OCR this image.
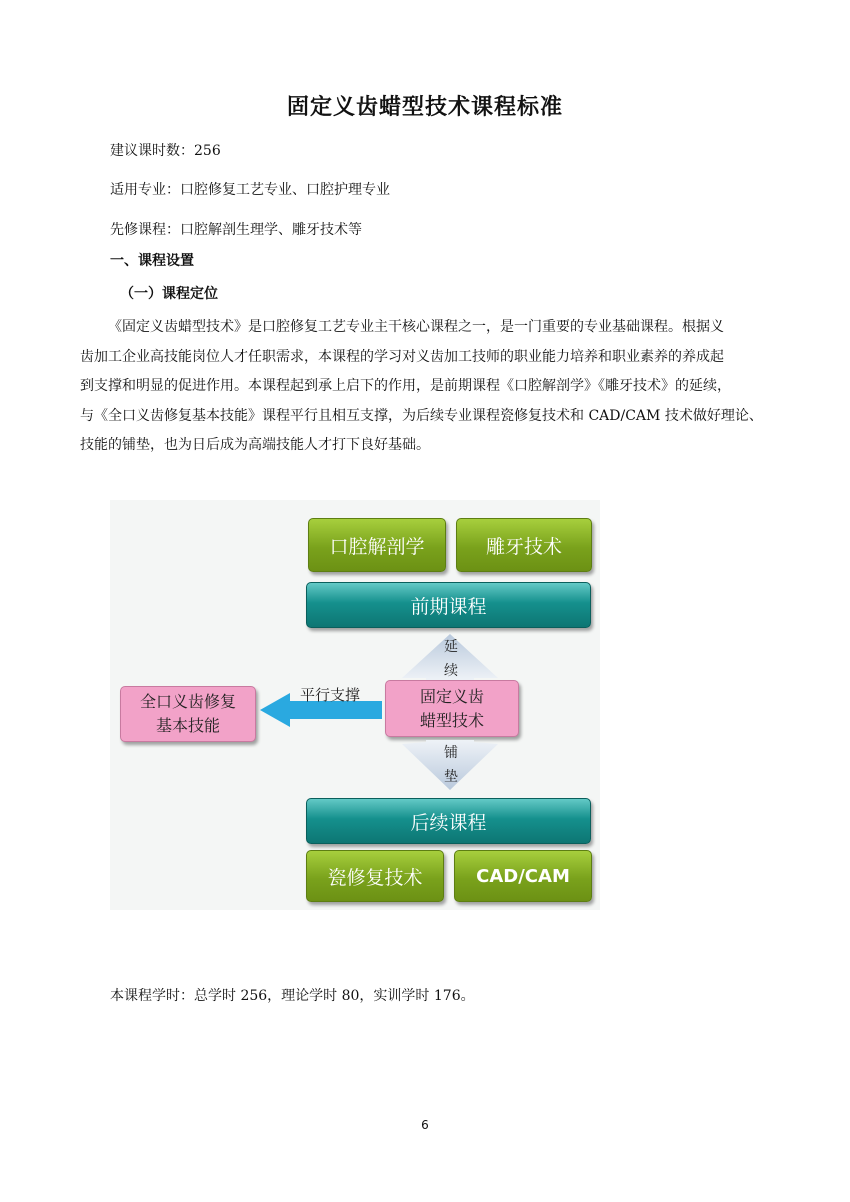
固定义齿蜡型技术课程标准
建议课时数：256
适用专业：口腔修复工艺专业、口腔护理专业
先修课程：口腔解剖生理学、雕牙技术等
一、课程设置
（一）课程定位
《固定义齿蜡型技术》是口腔修复工艺专业主干核心课程之一，是一门重要的专业基础课程。根据义
齿加工企业高技能岗位人才任职需求，本课程的学习对义齿加工技师的职业能力培养和职业素养的养成起
到支撑和明显的促进作用。本课程起到承上启下的作用，是前期课程《口腔解剖学》《雕牙技术》的延续，
与《全口义齿修复基本技能》课程平行且相互支撑，为后续专业课程瓷修复技术和 CAD/CAM 技术做好理论、
技能的铺垫，也为日后成为高端技能人才打下良好基础。
口腔解剖学	雕牙技术
前期课程
延
续
固定义齿
蜡型技术
平行支撑
全口义齿修复
基本技能
铺
垫
后续课程
瓷修复技术	CAD/CAM
本课程学时：总学时 256，理论学时 80，实训学时 176。
6
